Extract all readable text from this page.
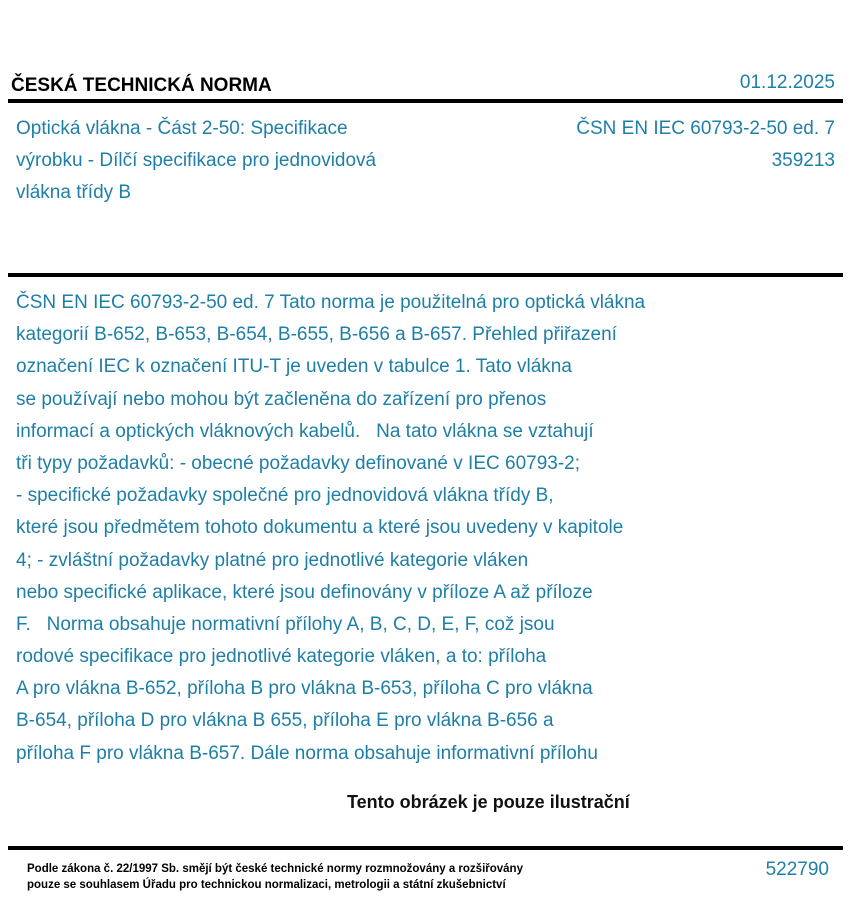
ČESKÁ TECHNICKÁ NORMA	01.12.2025
Optická vlákna - Část 2-50: Specifikace
výrobku - Dílčí specifikace pro jednovidová
vlákna třídy B
ČSN EN IEC 60793-2-50 ed. 7
359213
ČSN EN IEC 60793-2-50 ed. 7 Tato norma je použitelná pro optická vlákna
kategorií B-652, B-653, B-654, B-655, B-656 a B-657. Přehled přiřazení
označení IEC k označení ITU-T je uveden v tabulce 1. Tato vlákna
se používají nebo mohou být začleněna do zařízení pro přenos
informací a optických vláknových kabelů.   Na tato vlákna se vztahují
tři typy požadavků: - obecné požadavky definované v IEC 60793-2;
- specifické požadavky společné pro jednovidová vlákna třídy B,
které jsou předmětem tohoto dokumentu a které jsou uvedeny v kapitole
4; - zvláštní požadavky platné pro jednotlivé kategorie vláken
nebo specifické aplikace, které jsou definovány v příloze A až příloze
F.   Norma obsahuje normativní přílohy A, B, C, D, E, F, což jsou
rodové specifikace pro jednotlivé kategorie vláken, a to: příloha
A pro vlákna B-652, příloha B pro vlákna B-653, příloha C pro vlákna
B-654, příloha D pro vlákna B 655, příloha E pro vlákna B-656 a
příloha F pro vlákna B-657. Dále norma obsahuje informativní přílohu
Tento obrázek je pouze ilustrační
Podle zákona č. 22/1997 Sb. smějí být české technické normy rozmnožovány a rozšiřovány
pouze se souhlasem Úřadu pro technickou normalizaci, metrologii a státní zkušebnictví
522790
